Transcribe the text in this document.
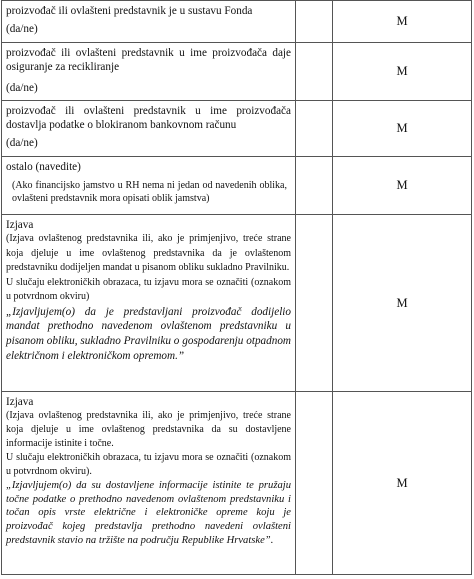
proizvođač ili ovlašteni predstavnik je u sustavu Fonda

(da/ne)

M

proizvođač ili ovlašteni predstavnik u ime proizvođača daje osiguranje za recikliranje

(da/ne)

M

proizvođač ili ovlašteni predstavnik u ime proizvođača dostavlja podatke o blokiranom bankovnom računu

(da/ne)

M

ostalo (navedite)

(Ako financijsko jamstvo u RH nema ni jedan od navedenih oblika, ovlašteni predstavnik mora opisati oblik jamstva)

M

Izjava

(Izjava ovlaštenog predstavnika ili, ako je primjenjivo, treće strane koja djeluje u ime ovlaštenog predstavnika da je ovlaštenom predstavniku dodijeljen mandat u pisanom obliku sukladno Pravilniku.

U slučaju elektroničkih obrazaca, tu izjavu mora se označiti (oznakom u potvrdnom okviru)

„Izjavljujem(o) da je predstavljani proizvođač dodijelio mandat prethodno navedenom ovlaštenom predstavniku u pisanom obliku, sukladno Pravilniku o gospodarenju otpadnom električnom i elektroničkom opremom.”

M

Izjava

(Izjava ovlaštenog predstavnika ili, ako je primjenjivo, treće strane koja djeluje u ime ovlaštenog predstavnika da su dostavljene informacije istinite i točne.

U slučaju elektroničkih obrazaca, tu izjavu mora se označiti (oznakom u potvrdnom okviru).

„Izjavljujem(o) da su dostavljene informacije istinite te pružaju točne podatke o prethodno navedenom ovlaštenom predstavniku i točan opis vrste električne i elektroničke opreme koju je proizvođač kojeg predstavlja prethodno navedeni ovlašteni predstavnik stavio na tržište na području Republike Hrvatske”.

M
